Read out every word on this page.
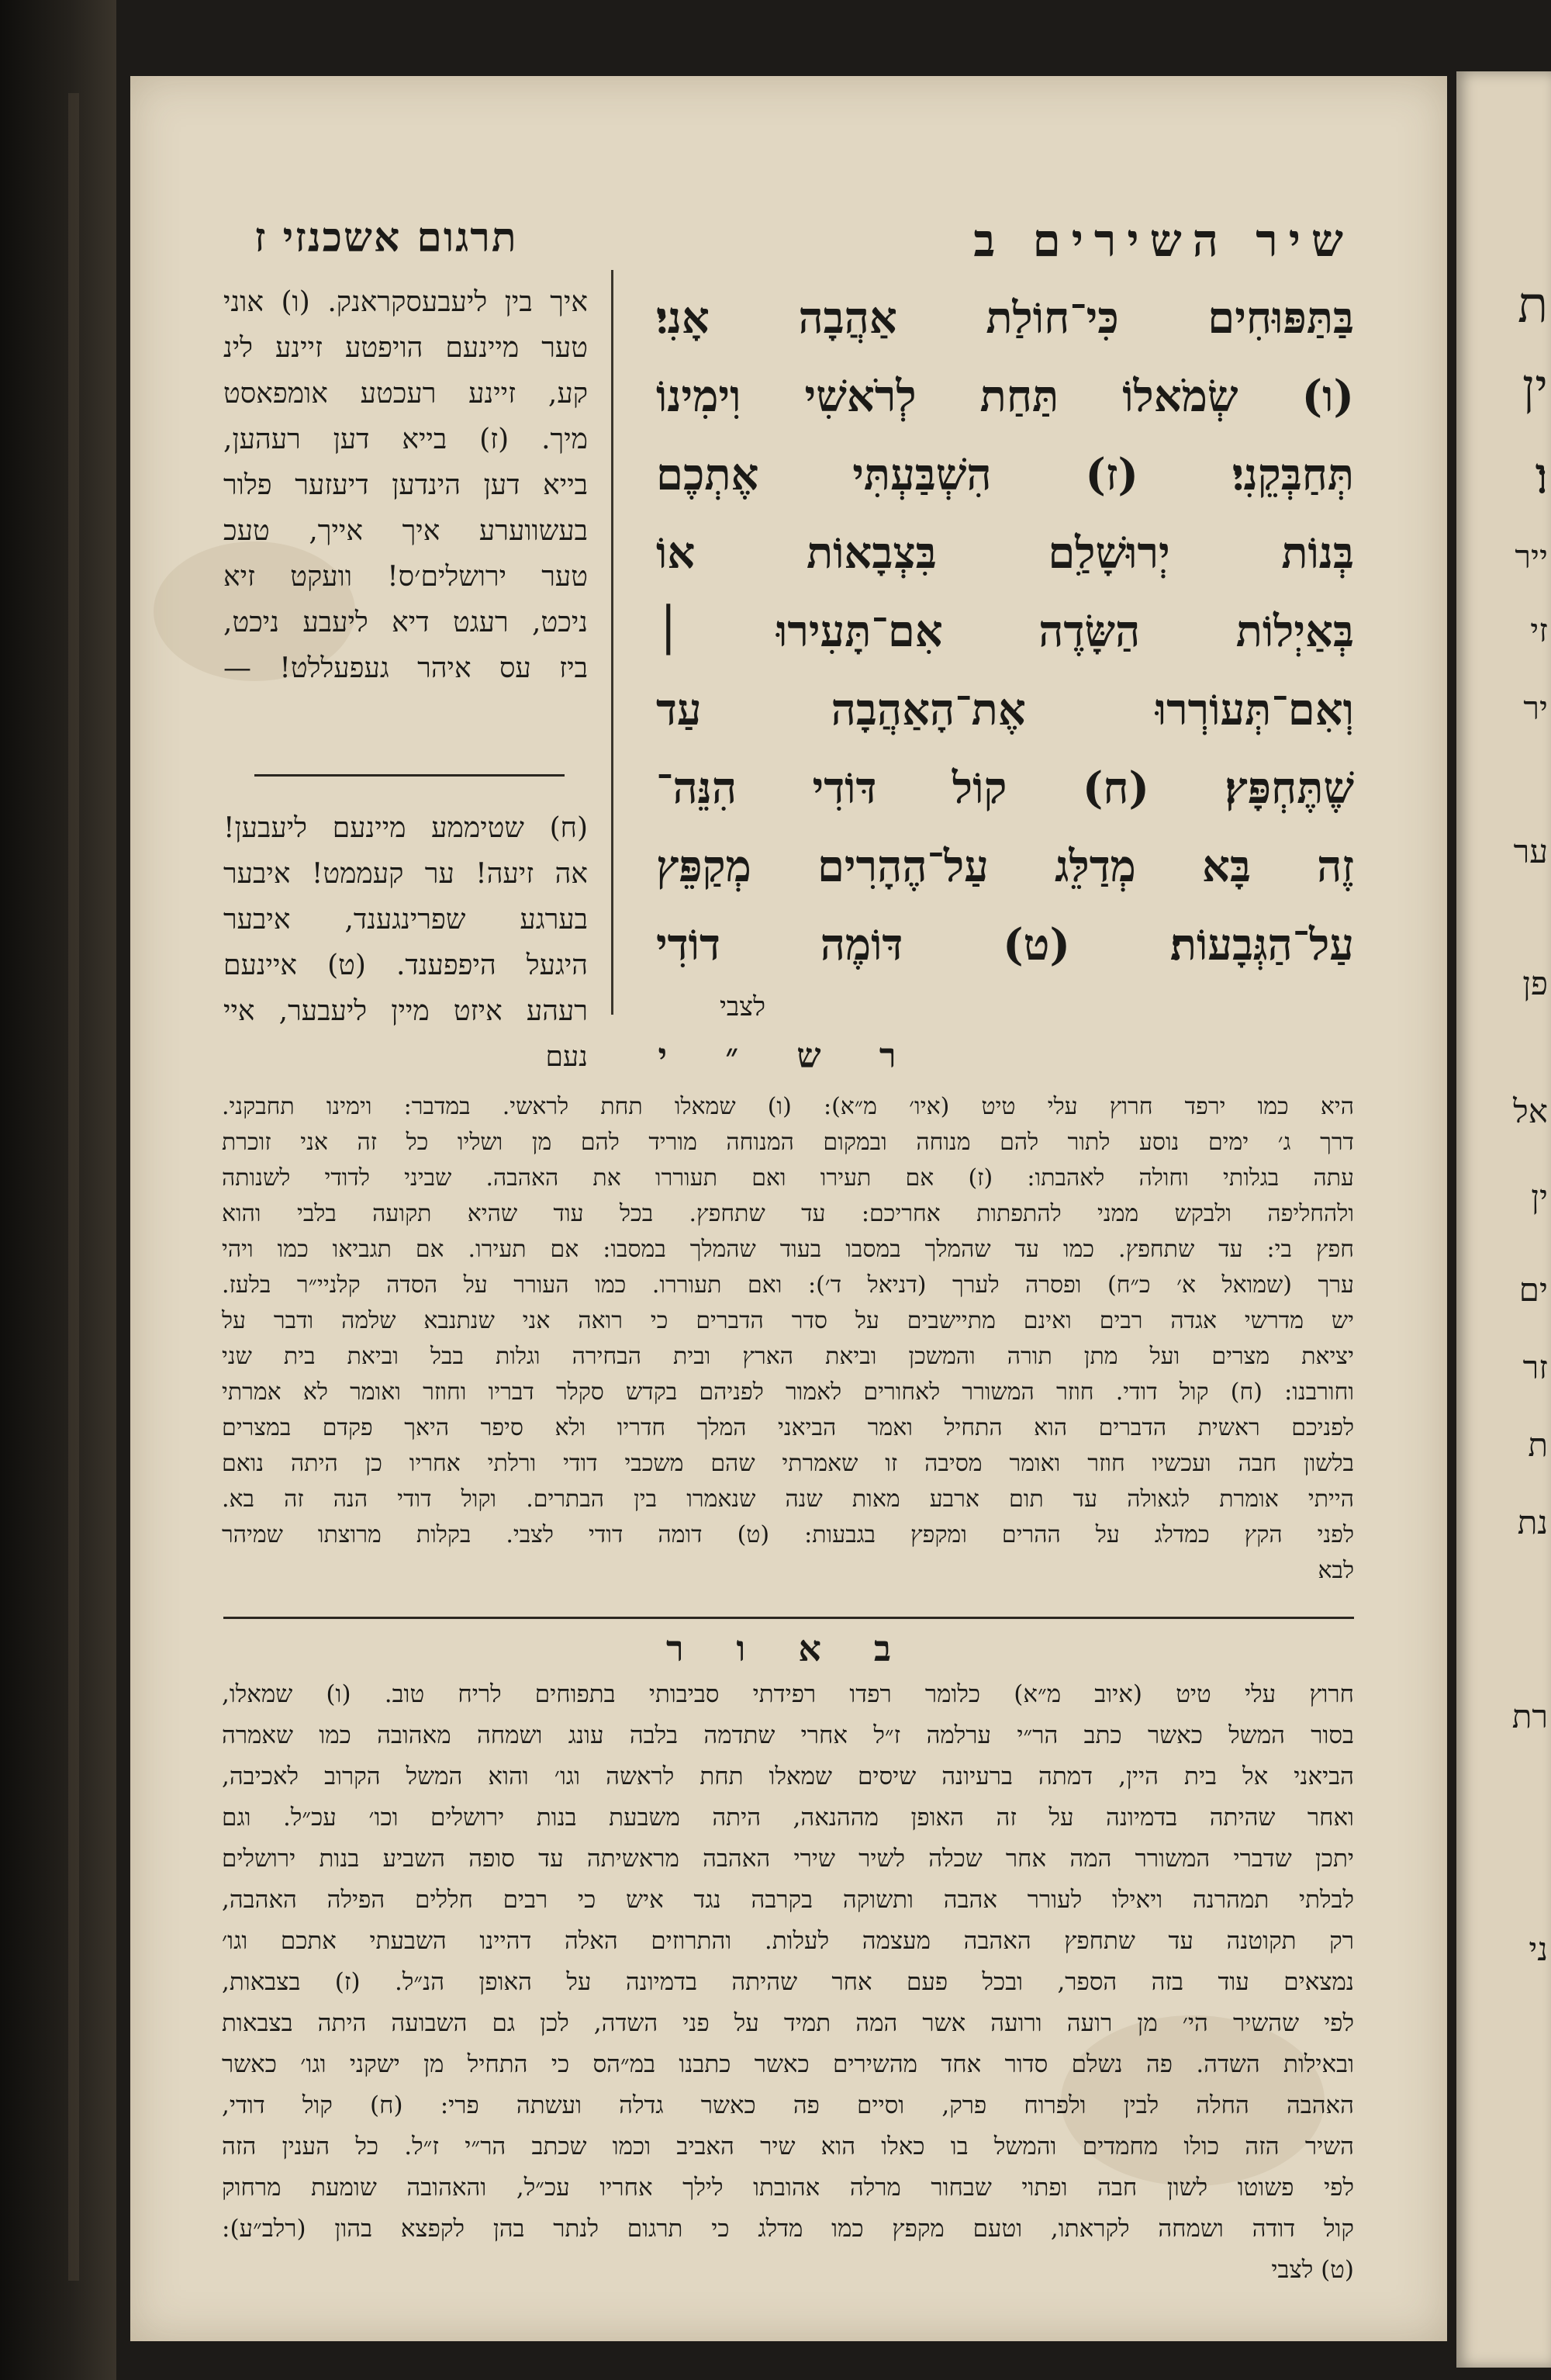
תרגום אשכנזי ז	שיר השירים ב
בַּתַּפּוּחִים כִּי־חוֹלַת אַהֲבָה אָנִי׃
(ו) שְׂמֹאלוֹ תַּחַת לְרֹאשִׁי וִימִינוֹ
תְּחַבְּקֵנִי׃ (ז) הִשְׁבַּעְתִּי אֶתְכֶם
בְּנוֹת יְרוּשָׁלַ͏ִם בִּצְבָאוֹת אוֹ
בְּאַיְלוֹת הַשָּׂדֶה אִם־תָּעִירוּ ׀
וְאִם־תְּעוֹרְרוּ אֶת־הָאַהֲבָה עַד
שֶׁתֶּחְפָּץ׃ (ח) קוֹל דּוֹדִי הִנֵּה־
זֶה בָּא מְדַלֵּג עַל־הֶהָרִים מְקַפֵּץ
עַל־הַגְּבָעוֹת׃ (ט) דּוֹמֶה דוֹדִי
לצבי
איך בין ליעבעסקראנק. (ו) אוני
טער מיינעם הויפטע זיינע לינ
קע, זיינע רעכטע אומפאסט
מיך. (ז) בייא דען רעהען,
בייא דען הינדען דיעזער פלור
בעשווערע איך אייך, טעכ
טער ירושלים׳ס! וועקט זיא
ניכט, רעגט דיא ליעבע ניכט,
ביז עס איהר געפעללט! —
(ח) שטיממע מיינעם ליעבען!
אה זיעה! ער קעממט! איבער
בערגע שפרינגענד, איבער
היגעל היפפענד. (ט) איינעם
רעהע איזט מיין ליעבער, איי
נעם	ר ש ״ י
היא כמו ירפד חרוץ עלי טיט (איו׳ מ״א): (ו) שמאלו תחת לראשי. במדבר: וימינו תחבקני.
דרך ג׳ ימים נוסע לתור להם מנוחה ובמקום המנוחה מוריד להם מן ושליו כל זה אני זוכרת
עתה בגלותי וחולה לאהבתו: (ז) אם תעירו ואם תעוררו את האהבה. שביני לדודי לשנותה
ולהחליפה ולבקש ממני להתפתות אחריכם: עד שתחפץ. בכל עוד שהיא תקועה בלבי והוא
חפץ בי: עד שתחפץ. כמו עד שהמלך במסבו בעוד שהמלך במסבו: אם תעירו. אם תגביאו כמו ויהי
ערך (שמואל א׳ כ״ח) ופסרה לערך (דניאל ד׳): ואם תעוררו. כמו העורר על הסדה קלניי״ר בלעז.
יש מדרשי אגדה רבים ואינם מתיישבים על סדר הדברים כי רואה אני שנתנבא שלמה ודבר על
יציאת מצרים ועל מתן תורה והמשכן וביאת הארץ ובית הבחירה וגלות בבל וביאת בית שני
וחורבנו: (ח) קול דודי. חוזר המשורר לאחורים לאמור לפניהם בקדש סקלר דבריו וחוזר ואומר לא אמרתי
לפניכם ראשית הדברים הוא התחיל ואמר הביאני המלך חדריו ולא סיפר היאך פקדם במצרים
בלשון חבה ועכשיו חוזר ואומר מסיבה זו שאמרתי שהם משכבי דודי ורלתי אחריו כן היתה נואם
הייתי אומרת לגאולה עד תום ארבע מאות שנה שנאמרו בין הבתרים. וקול דודי הנה זה בא.
לפני הקץ כמדלג על ההרים ומקפץ בגבעות: (ט) דומה דודי לצבי. בקלות מרוצתו שמיהר
לבא
ב א ו ר
חרוץ עלי טיט (איוב מ״א) כלומר רפדו רפידתי סביבותי בתפוחים לריח טוב. (ו) שמאלו,
בסור המשל כאשר כתב הר״י ערלמה ז״ל אחרי שתדמה בלבה עונג ושמחה מאהובה כמו שאמרה
הביאני אל בית היין, דמתה ברעיונה שיסים שמאלו תחת לראשה וגו׳ והוא המשל הקרוב לאכיבה,
ואחר שהיתה בדמיונה על זה האופן מההנאה, היתה משבעת בנות ירושלים וכו׳ עכ״ל. וגם
יתכן שדברי המשורר המה אחר שכלה לשיר שירי האהבה מראשיתה עד סופה השביע בנות ירושלים
לבלתי תמהרנה ויאילו לעורר אהבה ותשוקה בקרבה נגד איש כי רבים חללים הפילה האהבה,
רק תקוטנה עד שתחפץ האהבה מעצמה לעלות. והתרוזים האלה דהיינו השבעתי אתכם וגו׳
נמצאים עוד בזה הספר, ובכל פעם אחר שהיתה בדמיונה על האופן הנ״ל. (ז) בצבאות,
לפי שהשיר הי׳ מן רועה ורועה אשר המה תמיד על פני השדה, לכן גם השבועה היתה בצבאות
ובאילות השדה. פה נשלם סדור אחד מהשירים כאשר כתבנו במ״הס כי התחיל מן ישקני וגו׳ כאשר
האהבה החלה לבין ולפרוח פרק, וסיים פה כאשר גדלה ועשתה פרי: (ח) קול דודי,
השיר הזה כולו מחמדים והמשל בו כאלו הוא שיר האביב וכמו שכתב הר״י ז״ל. כל הענין הזה
לפי פשוטו לשון חבה ופתוי שבחור מרלה אהובתו לילך אחריו עכ״ל, והאהובה שומעת מרחוק
קול דודה ושמחה לקראתו, וטעם מקפץ כמו מדלג כי תרגום לנתר בהן לקפצא בהון (רלב״ע):
(ט) לצבי
ת
ין
ו׃
ייר
זי
יר
ער
פן
אל
ין
ים
זר
ת
נת
רת
ני
